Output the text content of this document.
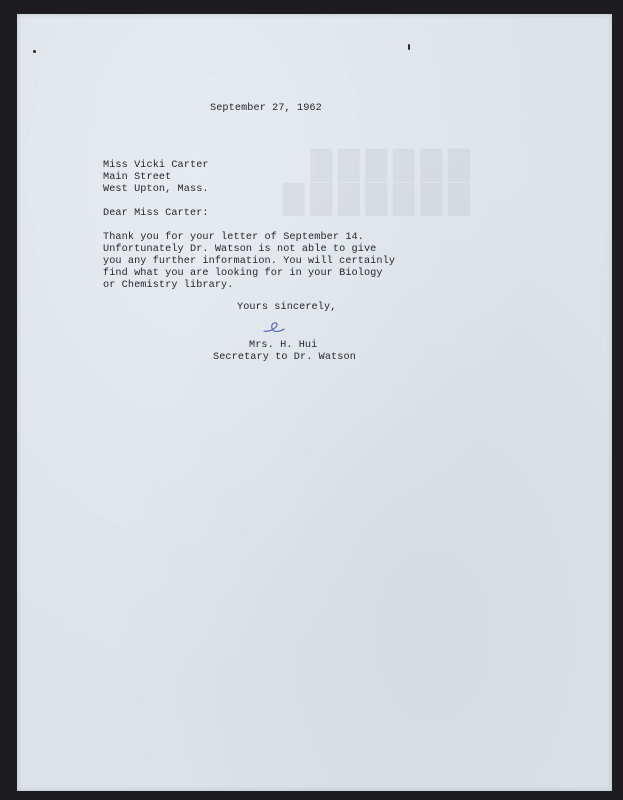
██████
███████
September 27, 1962
Miss Vicki Carter
Main Street
West Upton, Mass.
Dear Miss Carter:
Thank you for your letter of September 14.
Unfortunately Dr. Watson is not able to give
you any further information. You will certainly
find what you are looking for in your Biology
or Chemistry library.
Yours sincerely,
Mrs. H. Hui
Secretary to Dr. Watson
